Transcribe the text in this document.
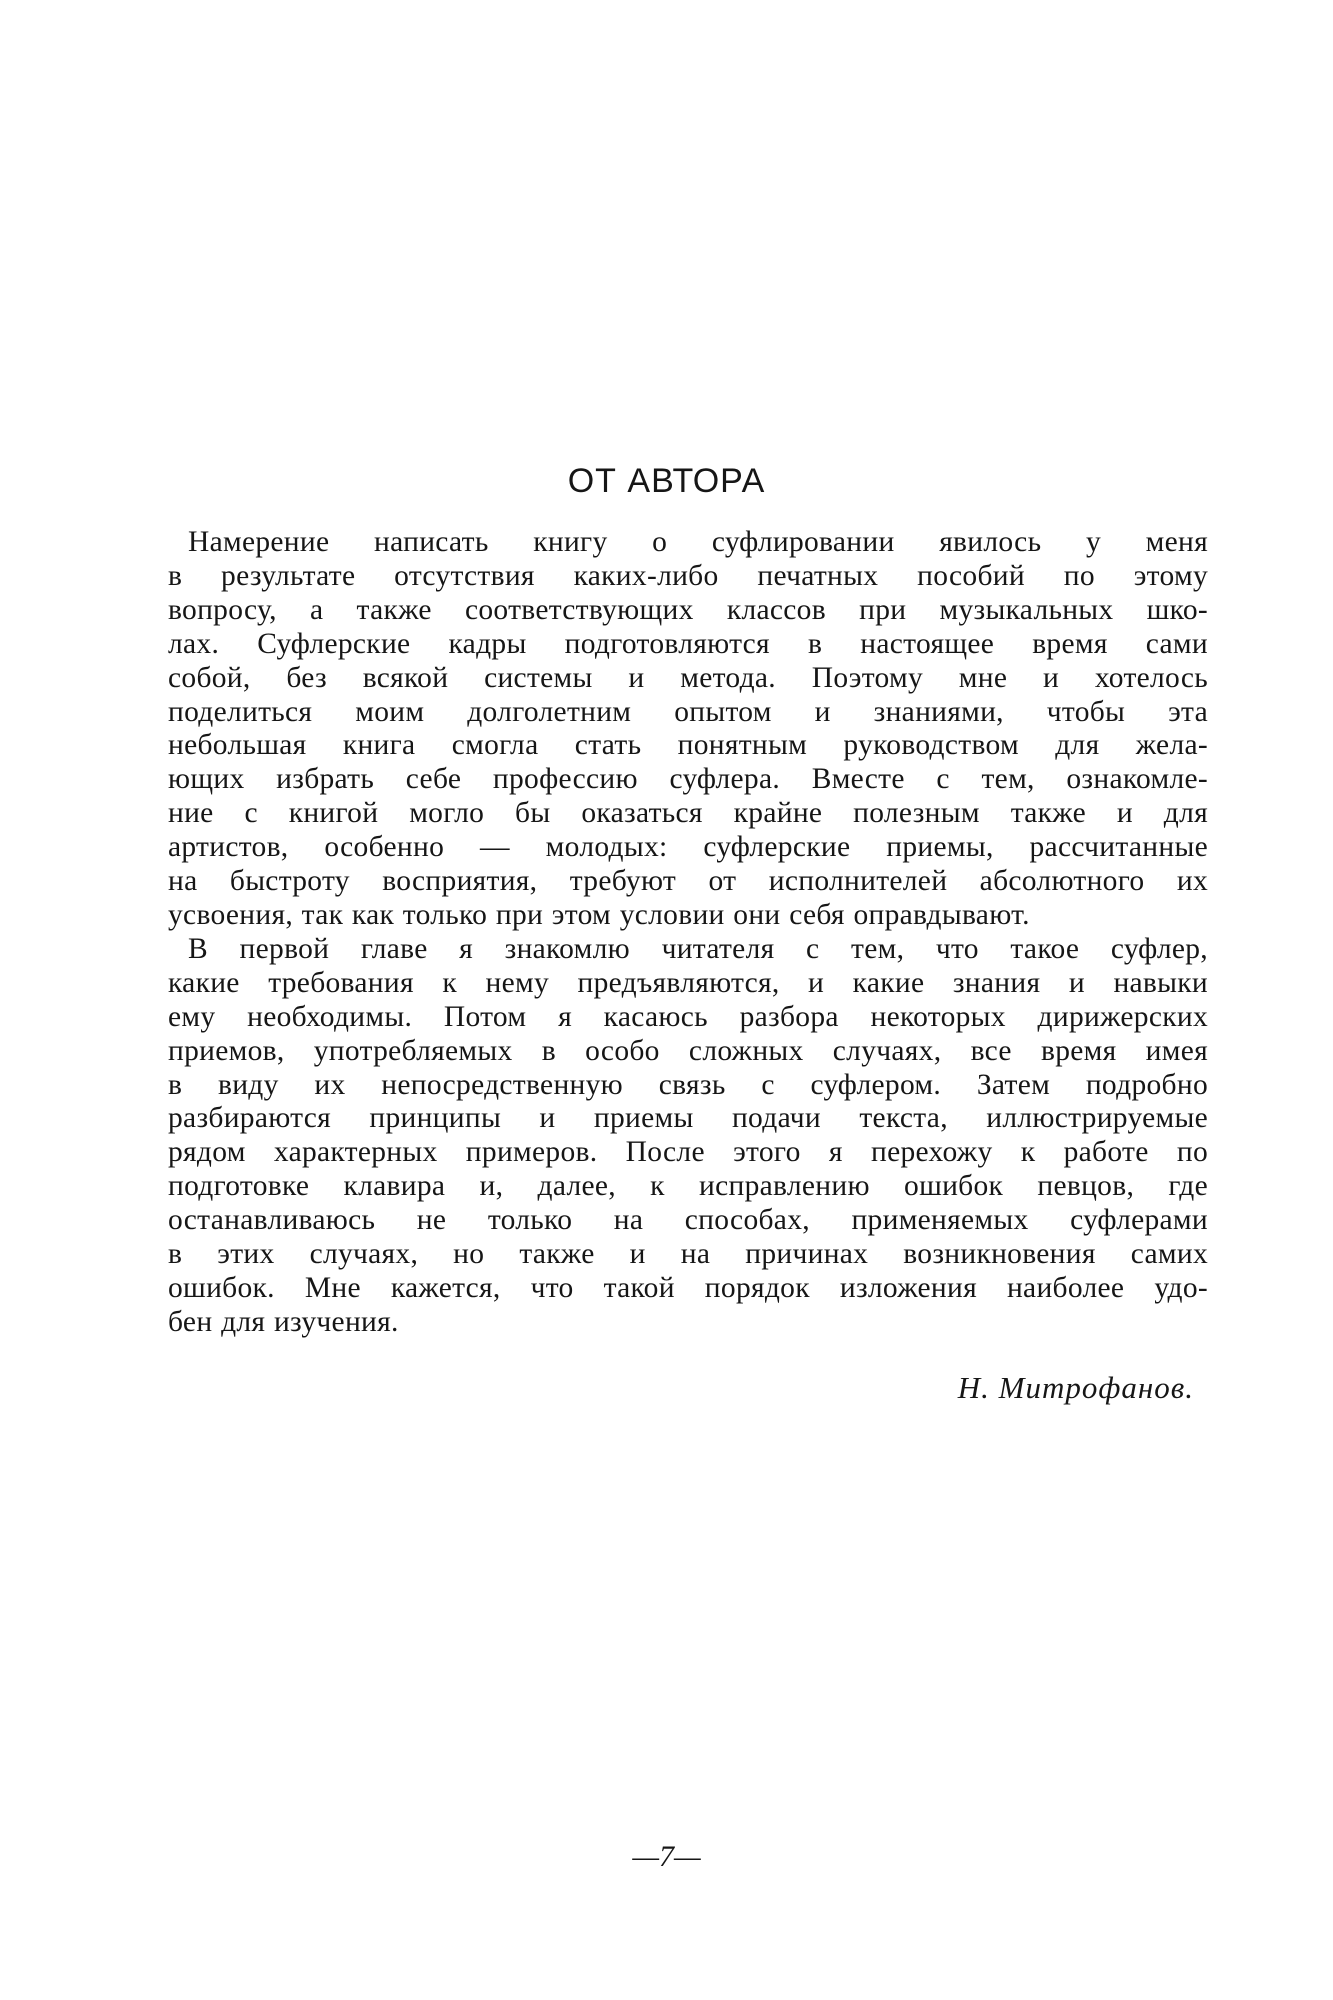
ОТ АВТОРА

Намерение написать книгу о суфлировании явилось у меня
в результате отсутствия каких-либо печатных пособий по этому
вопросу, а также соответствующих классов при музыкальных шко-
лах. Суфлерские кадры подготовляются в настоящее время сами
собой, без всякой системы и метода. Поэтому мне и хотелось
поделиться моим долголетним опытом и знаниями, чтобы эта
небольшая книга смогла стать понятным руководством для жела-
ющих избрать себе профессию суфлера. Вместе с тем, ознакомле-
ние с книгой могло бы оказаться крайне полезным также и для
артистов, особенно — молодых: суфлерские приемы, рассчитанные
на быстроту восприятия, требуют от исполнителей абсолютного их
усвоения, так как только при этом условии они себя оправдывают.

В первой главе я знакомлю читателя с тем, что такое суфлер,
какие требования к нему предъявляются, и какие знания и навыки
ему необходимы. Потом я касаюсь разбора некоторых дирижерских
приемов, употребляемых в особо сложных случаях, все время имея
в виду их непосредственную связь с суфлером. Затем подробно
разбираются принципы и приемы подачи текста, иллюстрируемые
рядом характерных примеров. После этого я перехожу к работе по
подготовке клавира и, далее, к исправлению ошибок певцов, где
останавливаюсь не только на способах, применяемых суфлерами
в этих случаях, но также и на причинах возникновения самих
ошибок. Мне кажется, что такой порядок изложения наиболее удо-
бен для изучения.

Н. Митрофанов.
—7—
